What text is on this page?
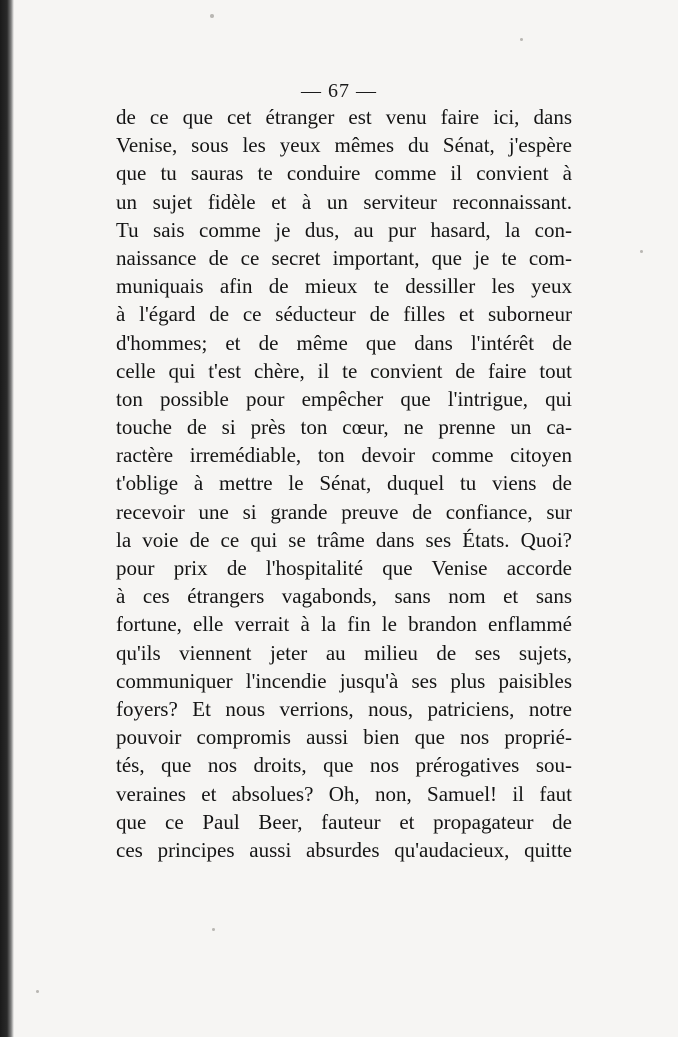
— 67 —
de ce que cet étranger est venu faire ici, dans
Venise, sous les yeux mêmes du Sénat, j'espère
que tu sauras te conduire comme il convient à
un sujet fidèle et à un serviteur reconnaissant.
Tu sais comme je dus, au pur hasard, la con-
naissance de ce secret important, que je te com-
muniquais afin de mieux te dessiller les yeux
à l'égard de ce séducteur de filles et suborneur
d'hommes; et de même que dans l'intérêt de
celle qui t'est chère, il te convient de faire tout
ton possible pour empêcher que l'intrigue, qui
touche de si près ton cœur, ne prenne un ca-
ractère irremédiable, ton devoir comme citoyen
t'oblige à mettre le Sénat, duquel tu viens de
recevoir une si grande preuve de confiance, sur
la voie de ce qui se trâme dans ses États. Quoi?
pour prix de l'hospitalité que Venise accorde
à ces étrangers vagabonds, sans nom et sans
fortune, elle verrait à la fin le brandon enflammé
qu'ils viennent jeter au milieu de ses sujets,
communiquer l'incendie jusqu'à ses plus paisibles
foyers? Et nous verrions, nous, patriciens, notre
pouvoir compromis aussi bien que nos proprié-
tés, que nos droits, que nos prérogatives sou-
veraines et absolues? Oh, non, Samuel! il faut
que ce Paul Beer, fauteur et propagateur de
ces principes aussi absurdes qu'audacieux, quitte
